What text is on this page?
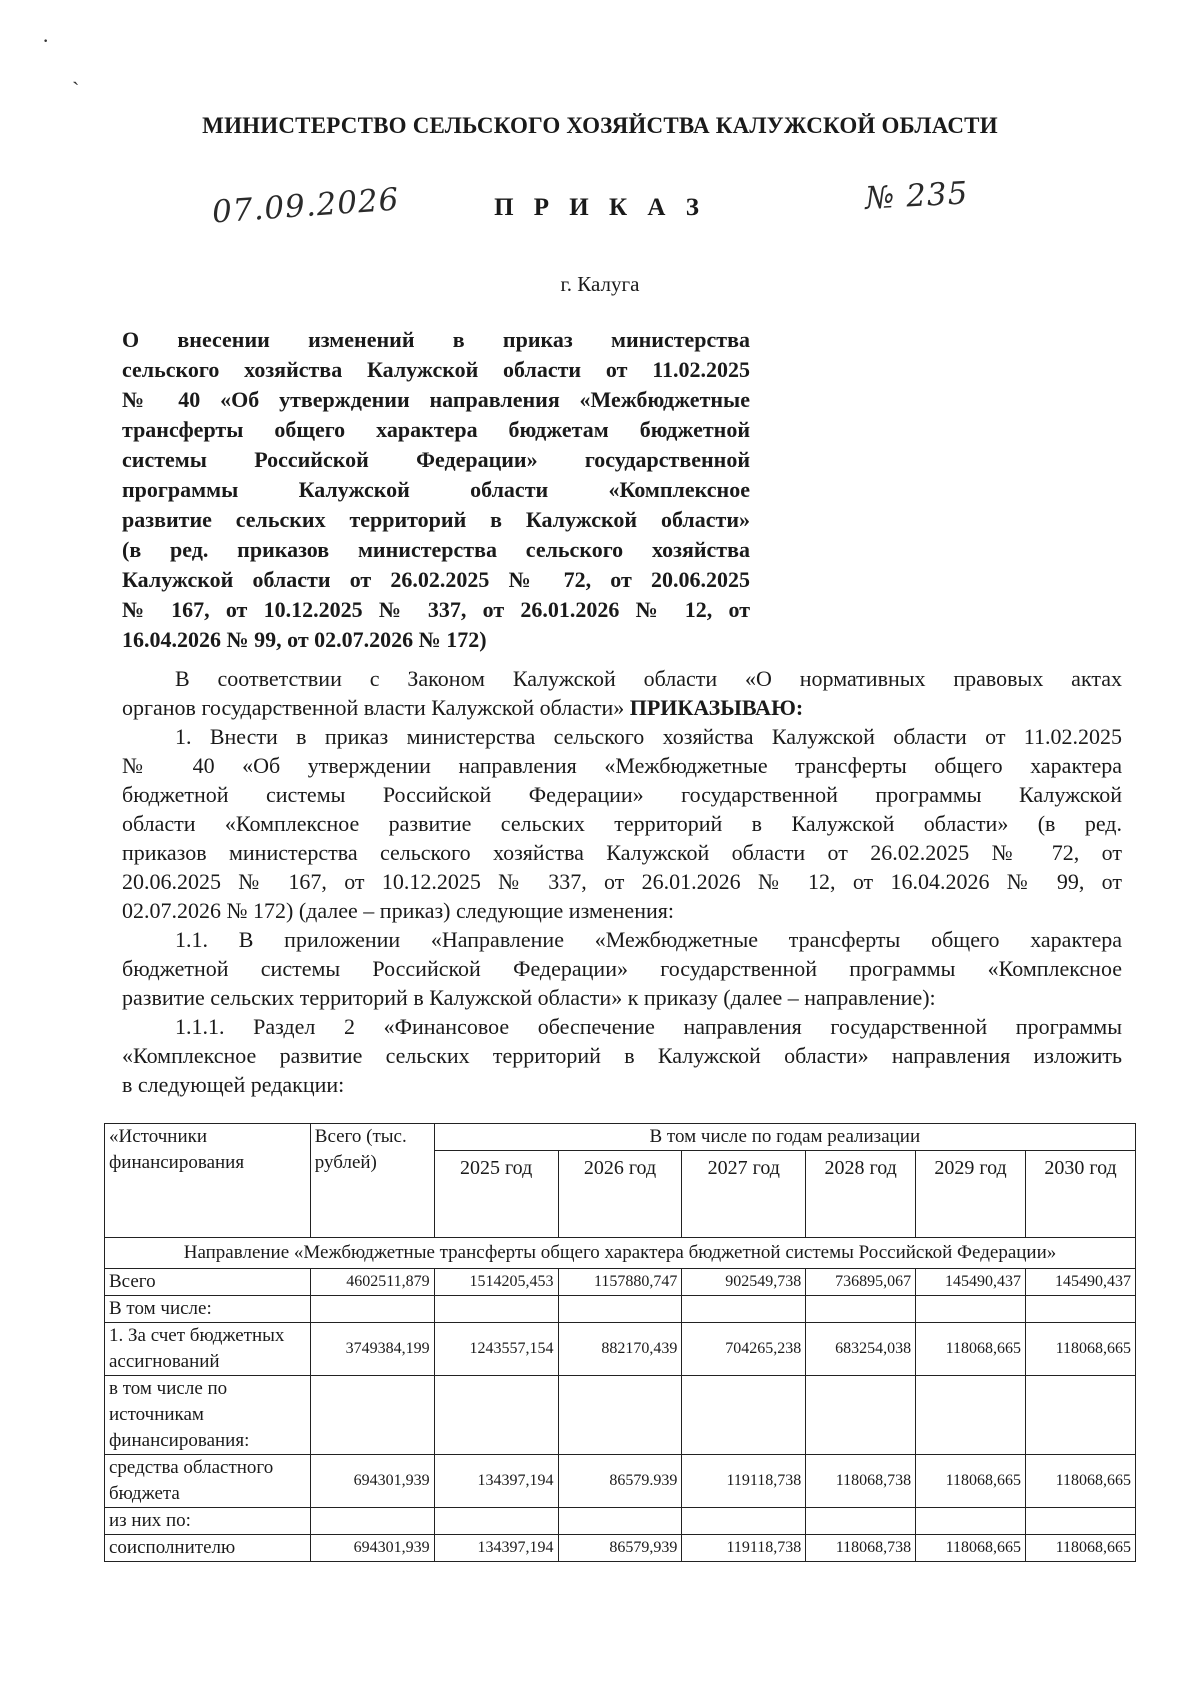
·
ˏ
МИНИСТЕРСТВО СЕЛЬСКОГО ХОЗЯЙСТВА КАЛУЖСКОЙ ОБЛАСТИ
П Р И К А З
07.09.2026	№ 235
г. Калуга
О внесении изменений в приказ министерства
сельского хозяйства Калужской области от 11.02.2025
№ 40 «Об утверждении направления «Межбюджетные
трансферты общего характера бюджетам бюджетной
системы Российской Федерации» государственной
программы Калужской области «Комплексное
развитие сельских территорий в Калужской области»
(в ред. приказов министерства сельского хозяйства
Калужской области от 26.02.2025 № 72, от 20.06.2025
№ 167, от 10.12.2025 № 337, от 26.01.2026 № 12, от
16.04.2026 № 99, от 02.07.2026 № 172)
В соответствии с Законом Калужской области «О нормативных правовых актах
органов государственной власти Калужской области» ПРИКАЗЫВАЮ:
1. Внести в приказ министерства сельского хозяйства Калужской области от 11.02.2025
№ 40 «Об утверждении направления «Межбюджетные трансферты общего характера
бюджетной системы Российской Федерации» государственной программы Калужской
области «Комплексное развитие сельских территорий в Калужской области» (в ред.
приказов министерства сельского хозяйства Калужской области от 26.02.2025 № 72, от
20.06.2025 № 167, от 10.12.2025 № 337, от 26.01.2026 № 12, от 16.04.2026 № 99, от
02.07.2026 № 172) (далее – приказ) следующие изменения:
1.1. В приложении «Направление «Межбюджетные трансферты общего характера
бюджетной системы Российской Федерации» государственной программы «Комплексное
развитие сельских территорий в Калужской области» к приказу (далее – направление):
1.1.1. Раздел 2 «Финансовое обеспечение направления государственной программы
«Комплексное развитие сельских территорий в Калужской области» направления изложить
в следующей редакции:
«Источники финансирования	Всего (тыс. рублей)	В том числе по годам реализации					
		2025 год	2026 год	2027 год	2028 год	2029 год	2030 год
Направление «Межбюджетные трансферты общего характера бюджетной системы Российской Федерации»							
Всего	4602511,879	1514205,453	1157880,747	902549,738	736895,067	145490,437	145490,437
В том числе:							
1. За счет бюджетных ассигнований	3749384,199	1243557,154	882170,439	704265,238	683254,038	118068,665	118068,665
в том числе по источникам финансирования:							
средства областного бюджета	694301,939	134397,194	86579.939	119118,738	118068,738	118068,665	118068,665
из них по:							
соисполнителю	694301,939	134397,194	86579,939	119118,738	118068,738	118068,665	118068,665
